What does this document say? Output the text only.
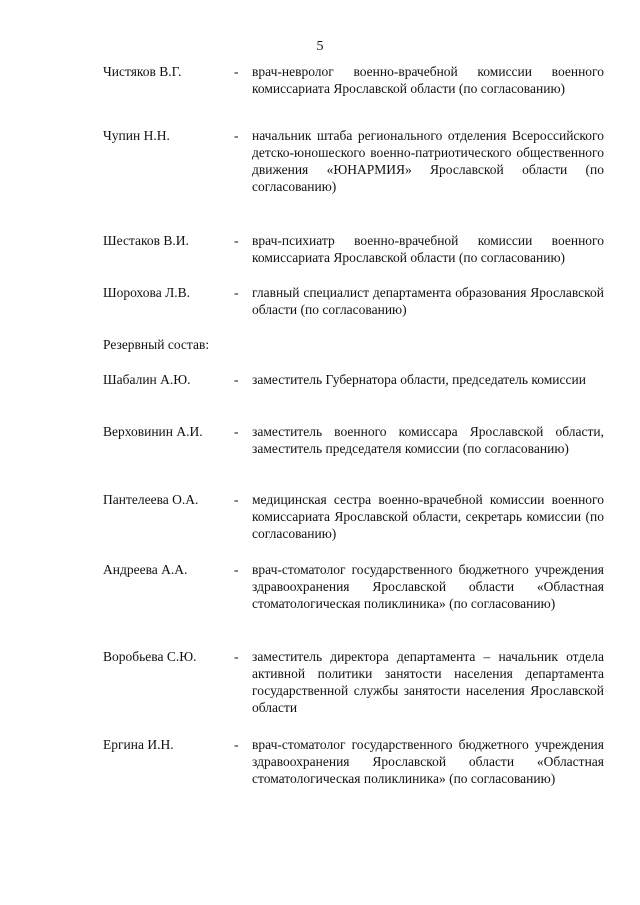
5
Чистяков В.Г.	- врач-невролог военно-врачебной комиссии военного комиссариата Ярославской области (по согласованию)
Чупин Н.Н.	- начальник штаба регионального отделения Всероссийского детско-юношеского военно-патриотического общественного движения «ЮНАРМИЯ» Ярославской области (по согласованию)
Шестаков В.И.	- врач-психиатр военно-врачебной комиссии военного комиссариата Ярославской области (по согласованию)
Шорохова Л.В.	- главный специалист департамента образования Ярославской области (по согласованию)
Резервный состав:
Шабалин А.Ю.	- заместитель Губернатора области, председатель комиссии
Верховинин А.И.	- заместитель военного комиссара Ярославской области, заместитель председателя комиссии (по согласованию)
Пантелеева О.А.	- медицинская сестра военно-врачебной комиссии военного комиссариата Ярославской области, секретарь комиссии (по согласованию)
Андреева А.А.	- врач-стоматолог государственного бюджетного учреждения здравоохранения Ярославской области «Областная стоматологическая поликлиника» (по согласованию)
Воробьева С.Ю.	- заместитель директора департамента – начальник отдела активной политики занятости населения департамента государственной службы занятости населения Ярославской области
Ергина И.Н.	- врач-стоматолог государственного бюджетного учреждения здравоохранения Ярославской области «Областная стоматологическая поликлиника» (по согласованию)
